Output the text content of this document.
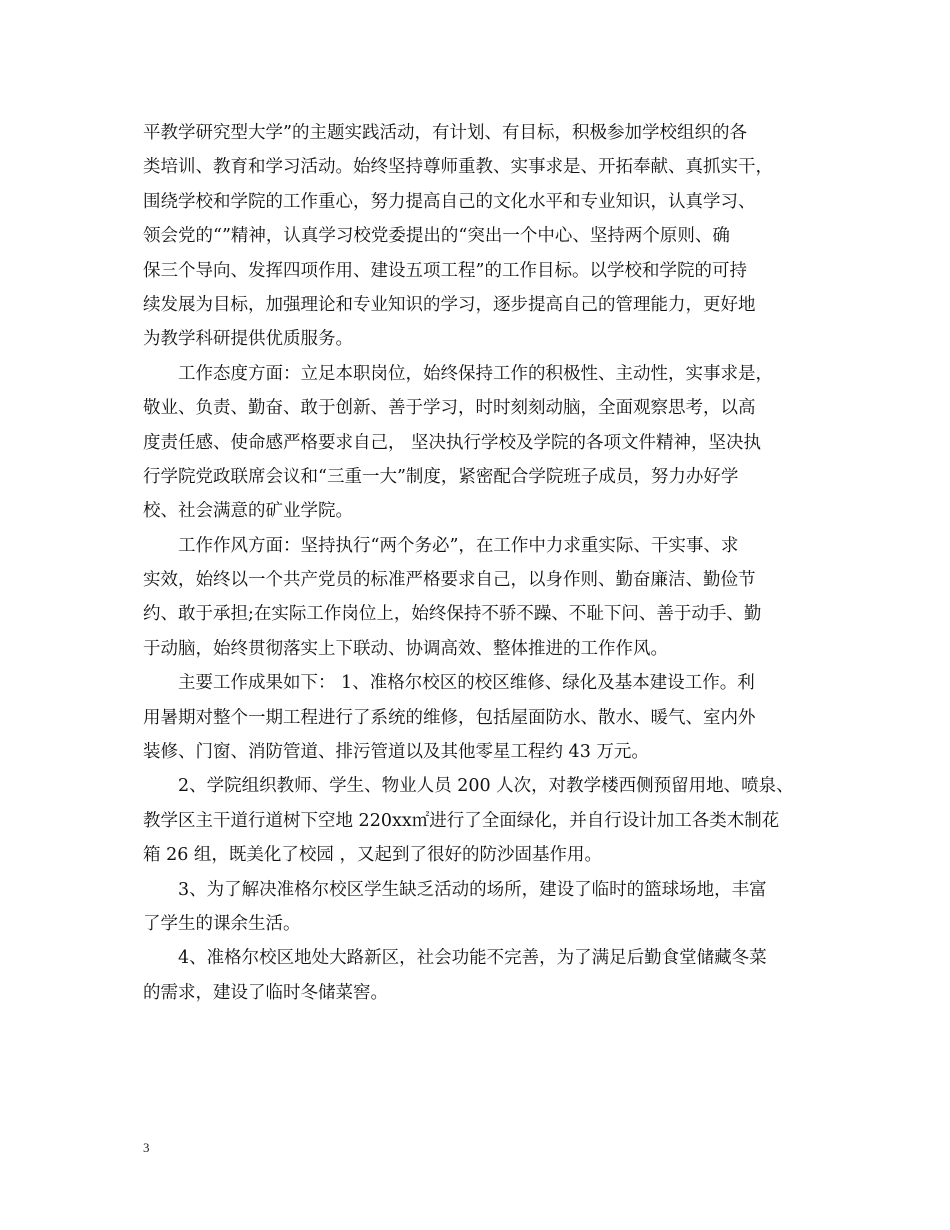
平教学研究型大学”的主题实践活动，有计划、有目标，积极参加学校组织的各
类培训、教育和学习活动。始终坚持尊师重教、实事求是、开拓奉献、真抓实干，
围绕学校和学院的工作重心，努力提高自己的文化水平和专业知识，认真学习、
领会党的“”精神，认真学习校党委提出的“突出一个中心、坚持两个原则、确
保三个导向、发挥四项作用、建设五项工程”的工作目标。以学校和学院的可持
续发展为目标，加强理论和专业知识的学习，逐步提高自己的管理能力，更好地
为教学科研提供优质服务。
工作态度方面：立足本职岗位，始终保持工作的积极性、主动性，实事求是，
敬业、负责、勤奋、敢于创新、善于学习，时时刻刻动脑，全面观察思考，以高
度责任感、使命感严格要求自己， 坚决执行学校及学院的各项文件精神，坚决执
行学院党政联席会议和“三重一大”制度，紧密配合学院班子成员，努力办好学
校、社会满意的矿业学院。
工作作风方面：坚持执行“两个务必”，在工作中力求重实际、干实事、求
实效，始终以一个共产党员的标准严格要求自己，以身作则、勤奋廉洁、勤俭节
约、敢于承担;在实际工作岗位上，始终保持不骄不躁、不耻下问、善于动手、勤
于动脑，始终贯彻落实上下联动、协调高效、整体推进的工作作风。
主要工作成果如下： 1、准格尔校区的校区维修、绿化及基本建设工作。利
用暑期对整个一期工程进行了系统的维修，包括屋面防水、散水、暖气、室内外
装修、门窗、消防管道、排污管道以及其他零星工程约 43 万元。
2、学院组织教师、学生、物业人员 200 人次，对教学楼西侧预留用地、喷泉、
教学区主干道行道树下空地 220xx㎡进行了全面绿化，并自行设计加工各类木制花
箱 26 组，既美化了校园 ，又起到了很好的防沙固基作用。
3、为了解决准格尔校区学生缺乏活动的场所，建设了临时的篮球场地，丰富
了学生的课余生活。
4、准格尔校区地处大路新区，社会功能不完善，为了满足后勤食堂储藏冬菜
的需求，建设了临时冬储菜窖。
3
